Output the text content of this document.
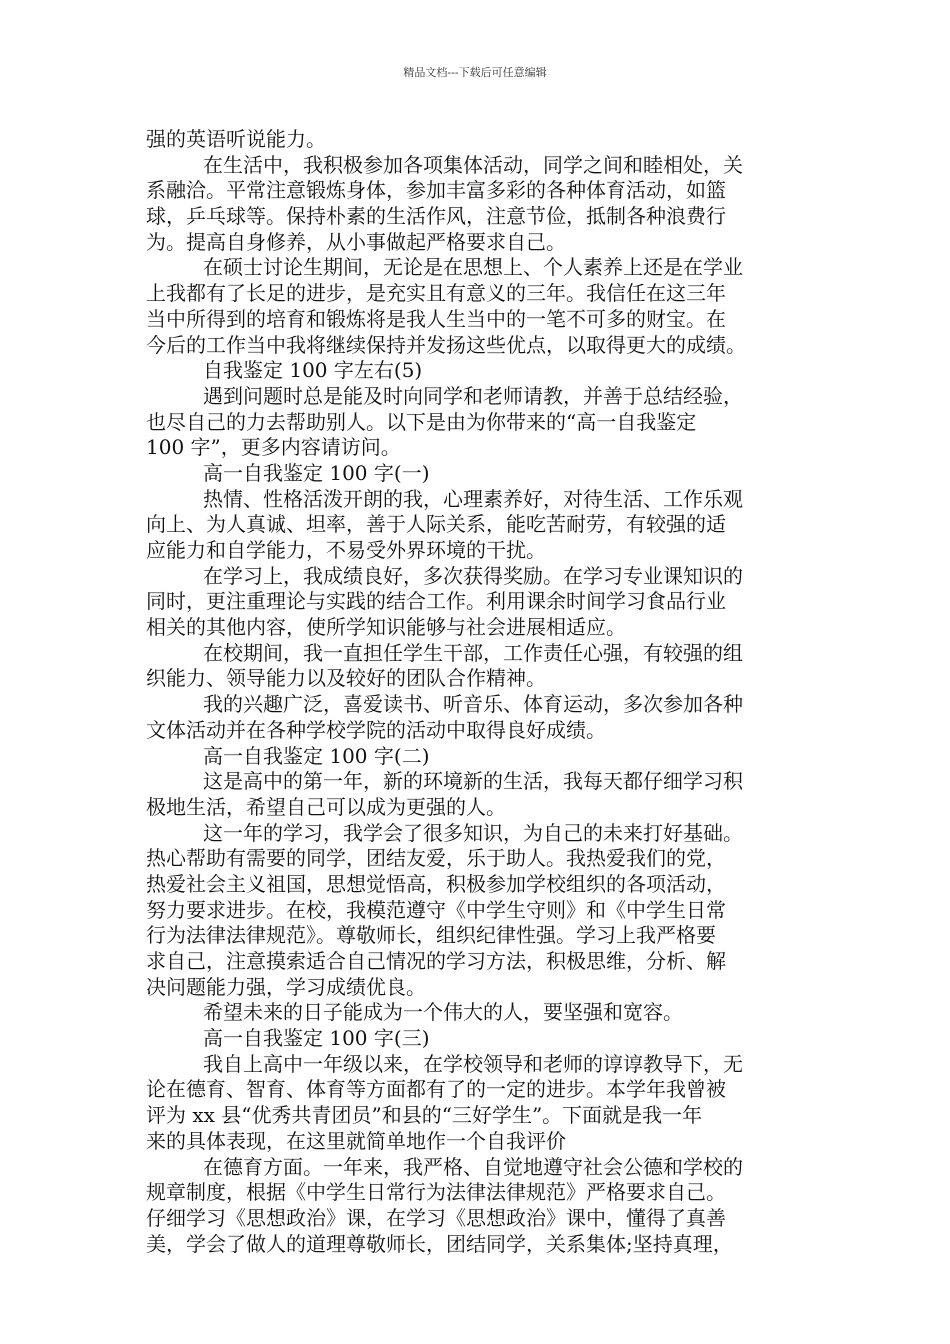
精品文档---下载后可任意编辑
强的英语听说能力。
在生活中，我积极参加各项集体活动，同学之间和睦相处，关
系融洽。平常注意锻炼身体，参加丰富多彩的各种体育活动，如篮
球，乒乓球等。保持朴素的生活作风，注意节俭，抵制各种浪费行
为。提高自身修养，从小事做起严格要求自己。
在硕士讨论生期间，无论是在思想上、个人素养上还是在学业
上我都有了长足的进步，是充实且有意义的三年。我信任在这三年
当中所得到的培育和锻炼将是我人生当中的一笔不可多的财宝。在
今后的工作当中我将继续保持并发扬这些优点，以取得更大的成绩。
自我鉴定 100 字左右(5)
遇到问题时总是能及时向同学和老师请教，并善于总结经验，
也尽自己的力去帮助别人。以下是由为你带来的“高一自我鉴定
100 字”，更多内容请访问。
高一自我鉴定 100 字(一)
热情、性格活泼开朗的我，心理素养好，对待生活、工作乐观
向上、为人真诚、坦率，善于人际关系，能吃苦耐劳，有较强的适
应能力和自学能力，不易受外界环境的干扰。
在学习上，我成绩良好，多次获得奖励。在学习专业课知识的
同时，更注重理论与实践的结合工作。利用课余时间学习食品行业
相关的其他内容，使所学知识能够与社会进展相适应。
在校期间，我一直担任学生干部，工作责任心强，有较强的组
织能力、领导能力以及较好的团队合作精神。
我的兴趣广泛，喜爱读书、听音乐、体育运动，多次参加各种
文体活动并在各种学校学院的活动中取得良好成绩。
高一自我鉴定 100 字(二)
这是高中的第一年，新的环境新的生活，我每天都仔细学习积
极地生活，希望自己可以成为更强的人。
这一年的学习，我学会了很多知识，为自己的未来打好基础。
热心帮助有需要的同学，团结友爱，乐于助人。我热爱我们的党，
热爱社会主义祖国，思想觉悟高，积极参加学校组织的各项活动，
努力要求进步。在校，我模范遵守《中学生守则》和《中学生日常
行为法律法律规范》。尊敬师长，组织纪律性强。学习上我严格要
求自己，注意摸索适合自己情况的学习方法，积极思维，分析、解
决问题能力强，学习成绩优良。
希望未来的日子能成为一个伟大的人，要坚强和宽容。
高一自我鉴定 100 字(三)
我自上高中一年级以来，在学校领导和老师的谆谆教导下，无
论在德育、智育、体育等方面都有了的一定的进步。本学年我曾被
评为 xx 县“优秀共青团员”和县的“三好学生”。下面就是我一年
来的具体表现，在这里就简单地作一个自我评价
在德育方面。一年来，我严格、自觉地遵守社会公德和学校的
规章制度，根据《中学生日常行为法律法律规范》严格要求自己。
仔细学习《思想政治》课，在学习《思想政治》课中，懂得了真善
美，学会了做人的道理尊敬师长，团结同学，关系集体;坚持真理，
